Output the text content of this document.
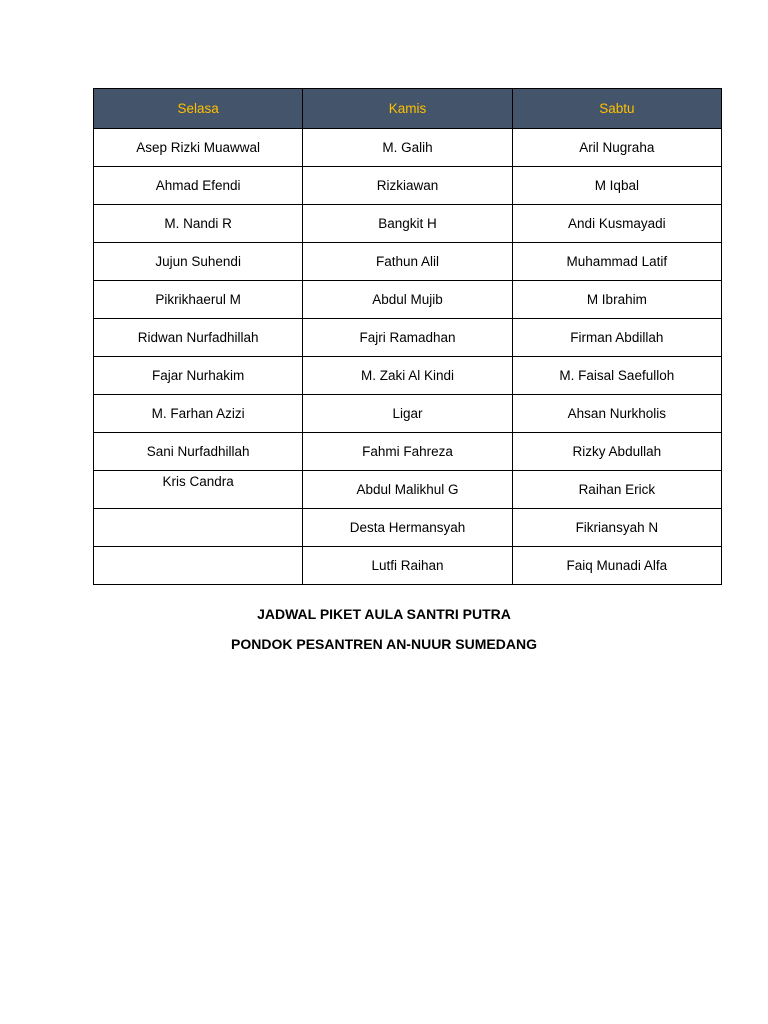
Selasa	Kamis	Sabtu
Asep Rizki Muawwal	M. Galih	Aril Nugraha
Ahmad Efendi	Rizkiawan	M Iqbal
M. Nandi R	Bangkit H	Andi Kusmayadi
Jujun Suhendi	Fathun Alil	Muhammad Latif
Pikrikhaerul M	Abdul Mujib	M Ibrahim
Ridwan Nurfadhillah	Fajri Ramadhan	Firman Abdillah
Fajar Nurhakim	M. Zaki Al Kindi	M. Faisal Saefulloh
M. Farhan Azizi	Ligar	Ahsan Nurkholis
Sani Nurfadhillah	Fahmi Fahreza	Rizky Abdullah
Kris Candra	Abdul Malikhul G	Raihan Erick
	Desta Hermansyah	Fikriansyah N
	Lutfi Raihan	Faiq Munadi Alfa
JADWAL PIKET AULA SANTRI PUTRA
PONDOK PESANTREN AN-NUUR SUMEDANG
